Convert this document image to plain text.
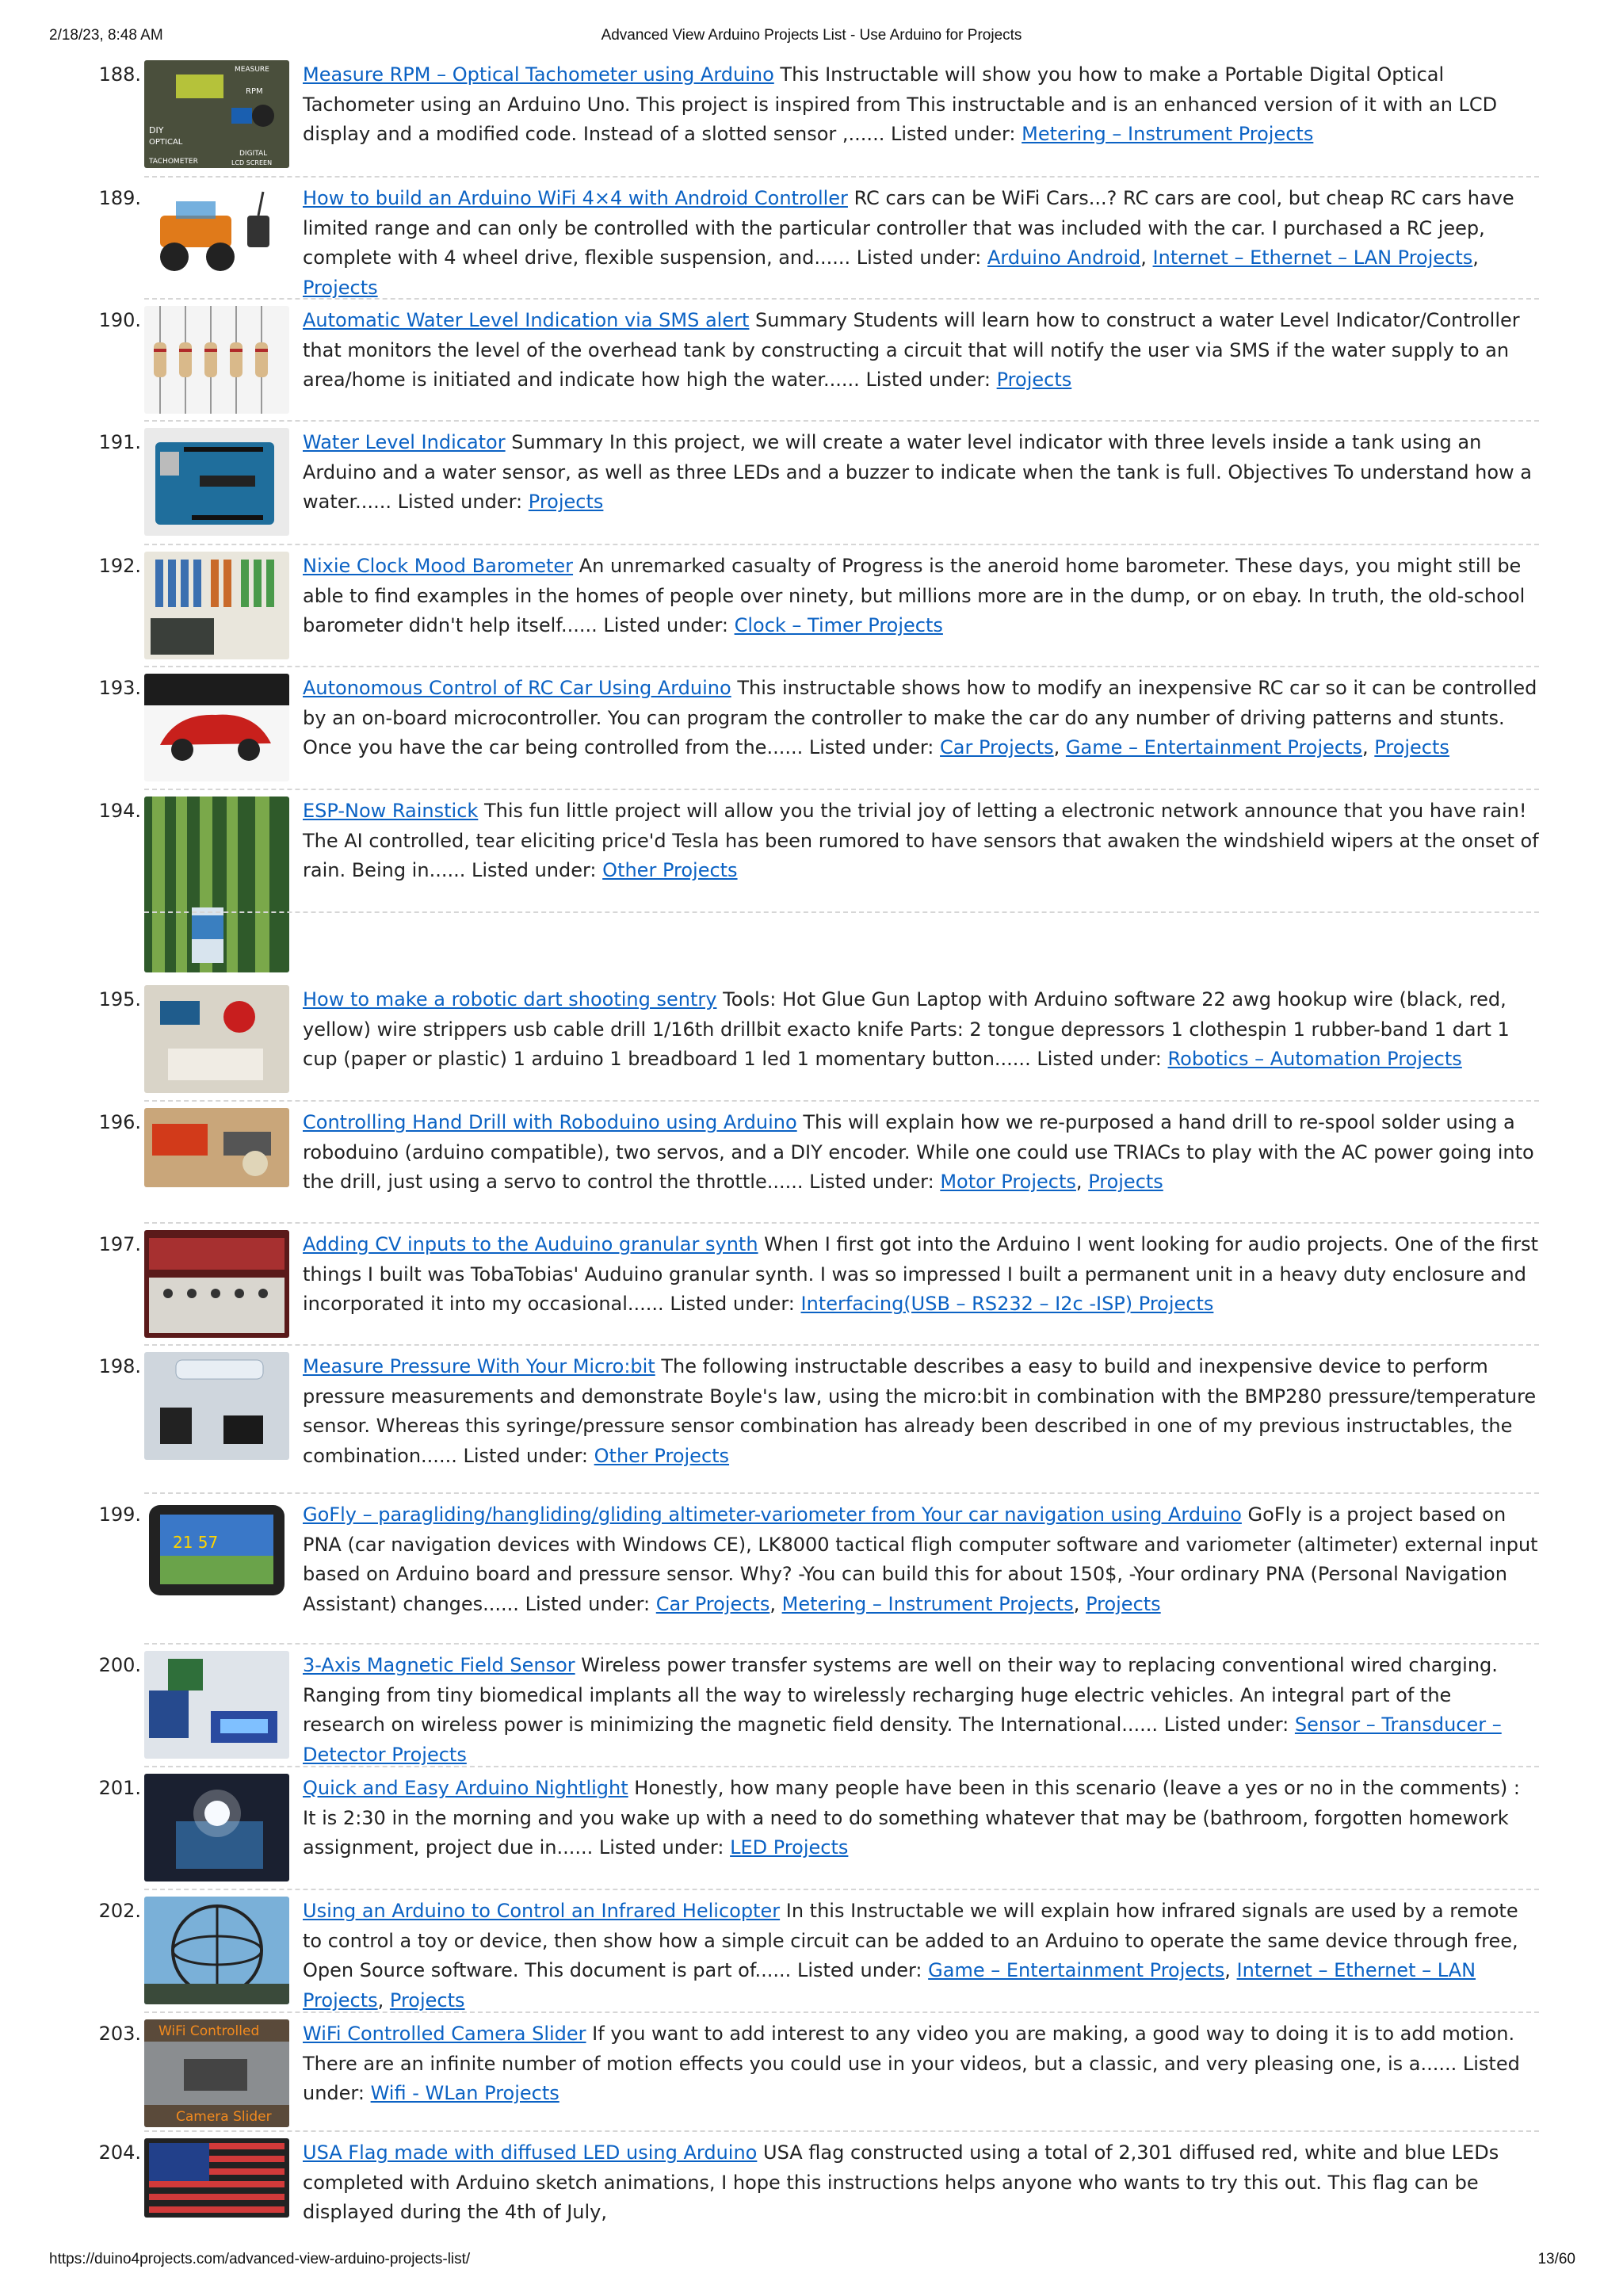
2/18/23, 8:48 AM	Advanced View Arduino Projects List - Use Arduino for Projects
188.	MEASURE
RPM
DIY
OPTICAL
TACHOMETER
DIGITAL
LCD SCREEN
Measure RPM – Optical Tachometer using Arduino This Instructable will show you how to make a Portable Digital Optical Tachometer using an Arduino Uno. This project is inspired from This instructable and is an enhanced version of it with an LCD display and a modified code. Instead of a slotted sensor ,...... Listed under: Metering – Instrument Projects
189.	How to build an Arduino WiFi 4×4 with Android Controller RC cars can be WiFi Cars...? RC cars are cool, but cheap RC cars have limited range and can only be controlled with the particular controller that was included with the car. I purchased a RC jeep, complete with 4 wheel drive, flexible suspension, and...... Listed under: Arduino Android, Internet – Ethernet – LAN Projects, Projects
190.	Automatic Water Level Indication via SMS alert Summary Students will learn how to construct a water Level Indicator/Controller that monitors the level of the overhead tank by constructing a circuit that will notify the user via SMS if the water supply to an area/home is initiated and indicate how high the water...... Listed under: Projects
191.	Water Level Indicator Summary In this project, we will create a water level indicator with three levels inside a tank using an Arduino and a water sensor, as well as three LEDs and a buzzer to indicate when the tank is full. Objectives To understand how a water...... Listed under: Projects
192.	Nixie Clock Mood Barometer An unremarked casualty of Progress is the aneroid home barometer. These days, you might still be able to find examples in the homes of people over ninety, but millions more are in the dump, or on ebay. In truth, the old-school barometer didn't help itself...... Listed under: Clock – Timer Projects
193.	Autonomous Control of RC Car Using Arduino This instructable shows how to modify an inexpensive RC car so it can be controlled by an on-board microcontroller. You can program the controller to make the car do any number of driving patterns and stunts. Once you have the car being controlled from the...... Listed under: Car Projects, Game – Entertainment Projects, Projects
194.	ESP-Now Rainstick This fun little project will allow you the trivial joy of letting a electronic network announce that you have rain! The AI controlled, tear eliciting price'd Tesla has been rumored to have sensors that awaken the windshield wipers at the onset of rain. Being in...... Listed under: Other Projects
195.	How to make a robotic dart shooting sentry Tools: Hot Glue Gun Laptop with Arduino software 22 awg hookup wire (black, red, yellow) wire strippers usb cable drill 1/16th drillbit exacto knife Parts: 2 tongue depressors 1 clothespin 1 rubber-band 1 dart 1 cup (paper or plastic) 1 arduino 1 breadboard 1 led 1 momentary button...... Listed under: Robotics – Automation Projects
196.	Controlling Hand Drill with Roboduino using Arduino This will explain how we re-purposed a hand drill to re-spool solder using a roboduino (arduino compatible), two servos, and a DIY encoder. While one could use TRIACs to play with the AC power going into the drill, just using a servo to control the throttle...... Listed under: Motor Projects, Projects
197.	Adding CV inputs to the Auduino granular synth When I first got into the Arduino I went looking for audio projects. One of the first things I built was TobaTobias' Auduino granular synth. I was so impressed I built a permanent unit in a heavy duty enclosure and incorporated it into my occasional...... Listed under: Interfacing(USB – RS232 – I2c -ISP) Projects
198.	Measure Pressure With Your Micro:bit The following instructable describes a easy to build and inexpensive device to perform pressure measurements and demonstrate Boyle's law, using the micro:bit in combination with the BMP280 pressure/temperature sensor. Whereas this syringe/pressure sensor combination has already been described in one of my previous instructables, the combination...... Listed under: Other Projects
199.
21 57
GoFly – paragliding/hangliding/gliding altimeter-variometer from Your car navigation using Arduino GoFly is a project based on PNA (car navigation devices with Windows CE), LK8000 tactical fligh computer software and variometer (altimeter) external input based on Arduino board and pressure sensor. Why? -You can build this for about 150$, -Your ordinary PNA (Personal Navigation Assistant) changes...... Listed under: Car Projects, Metering – Instrument Projects, Projects
200.	3-Axis Magnetic Field Sensor Wireless power transfer systems are well on their way to replacing conventional wired charging. Ranging from tiny biomedical implants all the way to wirelessly recharging huge electric vehicles. An integral part of the research on wireless power is minimizing the magnetic field density. The International...... Listed under: Sensor – Transducer – Detector Projects
201.	Quick and Easy Arduino Nightlight Honestly, how many people have been in this scenario (leave a yes or no in the comments) : It is 2:30 in the morning and you wake up with a need to do something whatever that may be (bathroom, forgotten homework assignment, project due in...... Listed under: LED Projects
202.	Using an Arduino to Control an Infrared Helicopter In this Instructable we will explain how infrared signals are used by a remote to control a toy or device, then show how a simple circuit can be added to an Arduino to operate the same device through free, Open Source software. This document is part of...... Listed under: Game – Entertainment Projects, Internet – Ethernet – LAN Projects, Projects
203. WiFi Controlled
Camera Slider
WiFi Controlled Camera Slider If you want to add interest to any video you are making, a good way to doing it is to add motion. There are an infinite number of motion effects you could use in your videos, but a classic, and very pleasing one, is a...... Listed under: Wifi - WLan Projects
204.	USA Flag made with diffused LED using Arduino USA flag constructed using a total of 2,301 diffused red, white and blue LEDs completed with Arduino sketch animations, I hope this instructions helps anyone who wants to try this out. This flag can be displayed during the 4th of July,
https://duino4projects.com/advanced-view-arduino-projects-list/	13/60
